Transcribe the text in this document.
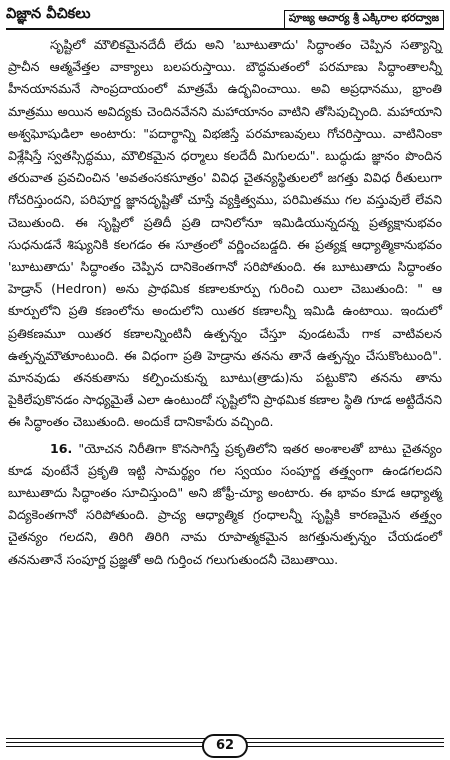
విజ్ఞాన వీచికలు	పూజ్య ఆచార్య శ్రీ ఎక్కిరాల భరద్వాజ

సృష్టిలో మౌలికమైనదేదీ లేదు అని 'బూటుతాదు' సిద్ధాంతం చెప్పిన సత్యాన్ని ప్రాచీన ఆత్మవేత్తల వాక్యాలు బలపరుస్తాయి. బౌద్ధమతంలో పరమాణు సిద్ధాంతాలన్నీ హీనయానమనే సాంప్రదాయంలో మాత్రమే ఉద్భవించాయి. అవి అప్రధానము, భ్రాంతి మాత్రము అయిన అవిద్యకు చెందినవేనని మహాయానం వాటిని తోసిపుచ్చింది. మహాయాని అశ్వఘోషుడిలా అంటారు: "పదార్థాన్ని విభజిస్తే పరమాణువులు గోచరిస్తాయి. వాటినింకా విశ్లేషిస్తే స్వతస్సిద్ధము, మౌలికమైన ధర్మాలు కలదేదీ మిగులదు". బుద్ధుడు జ్ఞానం పొందిన తరువాత ప్రవచించిన 'అవతంసకసూత్రం' వివిధ చైతన్యస్థితులలో జగత్తు వివిధ రీతులుగా గోచరిస్తుందని, పరిపూర్ణ జ్ఞానదృష్టితో చూస్తే వ్యక్తిత్వము, పరిమితము గల వస్తువులే లేవని చెబుతుంది. ఈ సృష్టిలో ప్రతిదీ ప్రతి దానిలోనూ ఇమిడియున్నదన్న ప్రత్యక్షానుభవం సుధనుడనే శిష్యునికి కలగడం ఈ సూత్రంలో వర్ణించబడ్డది. ఈ ప్రత్యక్ష ఆధ్యాత్మికానుభవం 'బూటుతాదు' సిద్ధాంతం చెప్పిన దానికెంతగానో సరిపోతుంది. ఈ బూటుతాదు సిద్ధాంతం హెడ్రాన్ (Hedron) అను ప్రాథమిక కణాలకూర్పు గురించి యిలా చెబుతుంది: " ఆ కూర్పులోని ప్రతి కణంలోను అందులోని యితర కణాలన్నీ ఇమిడి ఉంటాయి. ఇందులో ప్రతికణమూ యితర కణాలన్నింటినీ ఉత్పన్నం చేస్తూ వుండటమే గాక వాటివలన ఉత్పన్నమౌతూంటుంది. ఈ విధంగా ప్రతి హెడ్రాను తనను తానే ఉత్పన్నం చేసుకొంటుంది". మానవుడు తనకుతాను కల్పించుకున్న బూటు(త్రాడు)ను పట్టుకొని తనను తాను పైకిలేపుకొనడం సాధ్యమైతే ఎలా ఉంటుందో సృష్టిలోని ప్రాథమిక కణాల స్థితి గూడ అట్టిదేనని ఈ సిద్ధాంతం చెబుతుంది. అందుకే దానికాపేరు వచ్చింది.

16. "యోచన నిరీతిగా కొనసాగిస్తే ప్రకృతిలోని ఇతర అంశాలతో బాటు చైతన్యం కూడ వుంటేనే ప్రకృతి ఇట్టి సామర్థ్యం గల స్వయం సంపూర్ణ తత్త్వంగా ఉండగలదని బూటుతాదు సిద్ధాంతం సూచిస్తుంది" అని జోఫ్రీ-చ్యూ అంటారు. ఈ భావం కూడ ఆధ్యాత్మ విద్యకెంతగానో సరిపోతుంది. ప్రాచ్య ఆధ్యాత్మిక గ్రంధాలన్నీ సృష్టికి కారణమైన తత్త్వం చైతన్యం గలదని, తిరిగి తిరిగి నామ రూపాత్మకమైన జగత్తునుత్పన్నం చేయడంలో తననుతానే సంపూర్ణ ప్రజ్ఞతో అది గుర్తించ గలుగుతుందనీ చెబుతాయి.

62
